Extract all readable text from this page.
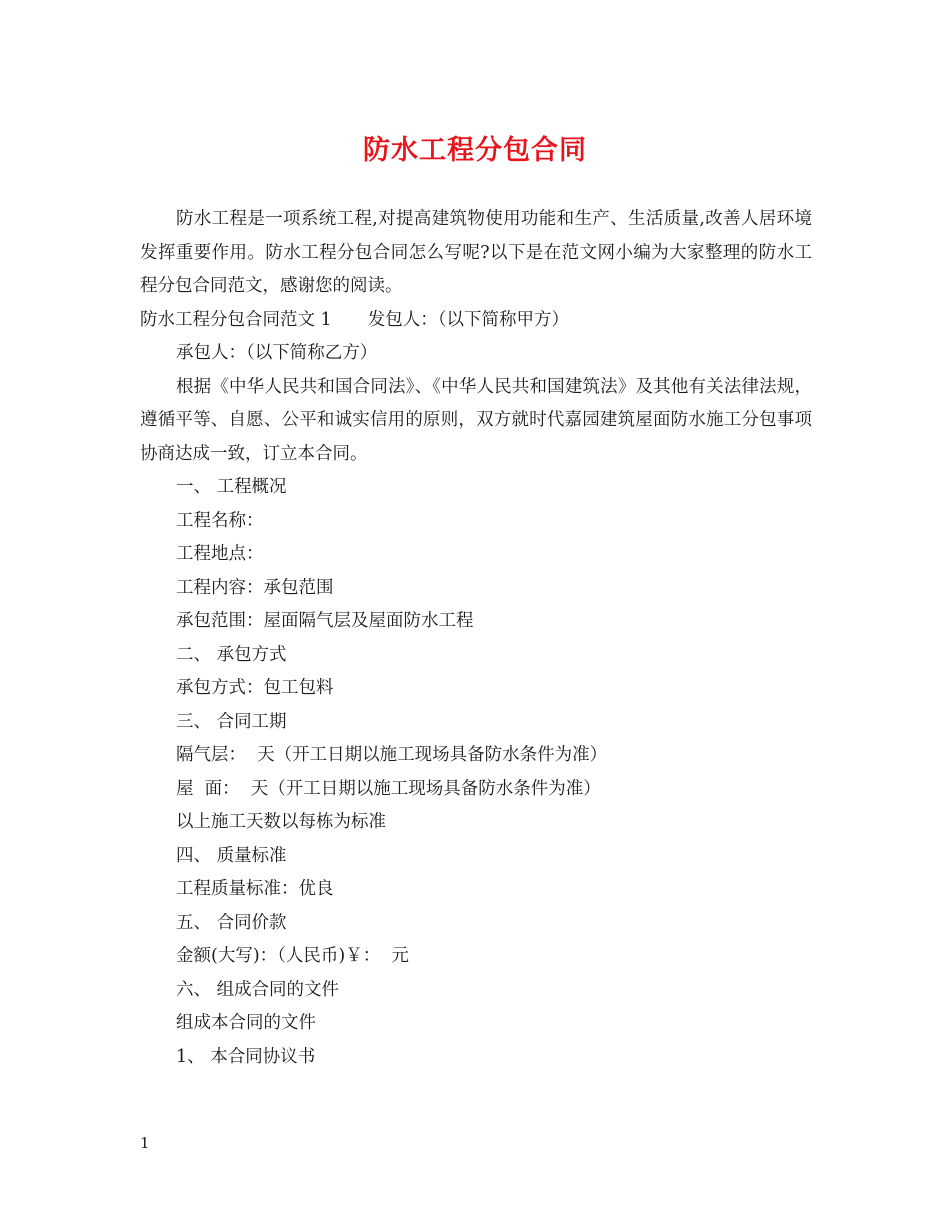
防水工程分包合同

防水工程是一项系统工程,对提高建筑物使用功能和生产、生活质量,改善人居环境发挥重要作用。防水工程分包合同怎么写呢?以下是在范文网小编为大家整理的防水工程分包合同范文，感谢您的阅读。

防水工程分包合同范文 1 发包人：（以下简称甲方）

承包人：（以下简称乙方）

根据《中华人民共和国合同法》、《中华人民共和国建筑法》及其他有关法律法规，遵循平等、自愿、公平和诚实信用的原则，双方就时代嘉园建筑屋面防水施工分包事项协商达成一致，订立本合同。

一、 工程概况

工程名称：

工程地点：

工程内容：承包范围

承包范围：屋面隔气层及屋面防水工程

二、 承包方式

承包方式：包工包料

三、 合同工期

隔气层：  天（开工日期以施工现场具备防水条件为准）

屋  面：  天（开工日期以施工现场具备防水条件为准）

以上施工天数以每栋为标准

四、 质量标准

工程质量标准：优良

五、 合同价款

金额(大写)：（人民币)￥：  元

六、 组成合同的文件

组成本合同的文件

1、 本合同协议书

1
